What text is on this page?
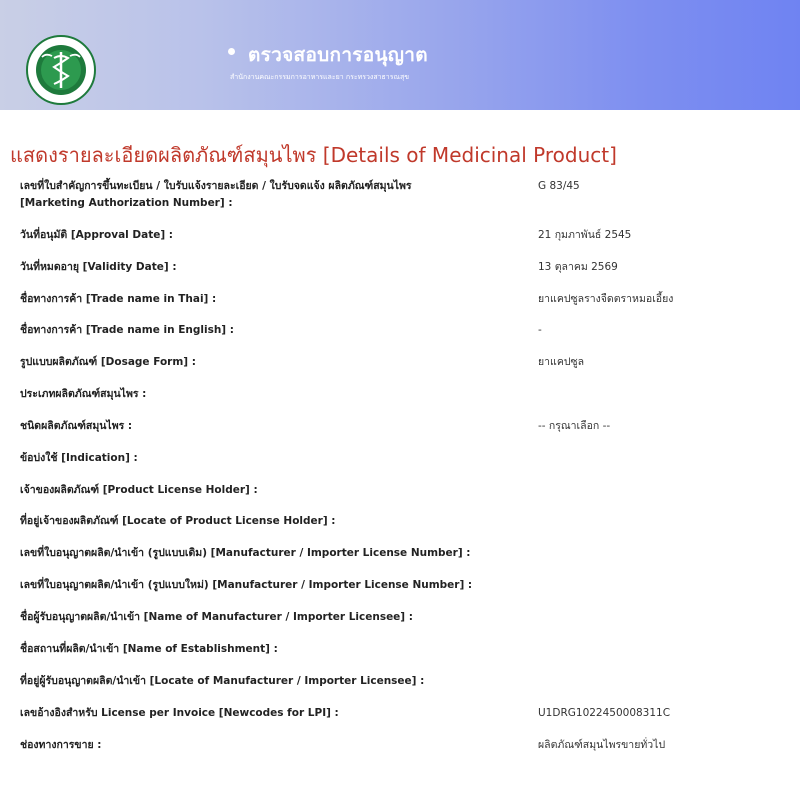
ตรวจสอบการอนุญาต
สำนักงานคณะกรรมการอาหารและยา กระทรวงสาธารณสุข
แสดงรายละเอียดผลิตภัณฑ์สมุนไพร [Details of Medicinal Product]
เลขที่ใบสำคัญการขึ้นทะเบียน / ใบรับแจ้งรายละเอียด / ใบรับจดแจ้ง ผลิตภัณฑ์สมุนไพร
[Marketing Authorization Number] :
G 83/45
วันที่อนุมัติ [Approval Date] :	21 กุมภาพันธ์ 2545
วันที่หมดอายุ [Validity Date] :	13 ตุลาคม 2569
ชื่อทางการค้า [Trade name in Thai] :	ยาแคปซูลรางจืดตราหมอเอี้ยง
ชื่อทางการค้า [Trade name in English] :	-
รูปแบบผลิตภัณฑ์ [Dosage Form] :	ยาแคปซูล
ประเภทผลิตภัณฑ์สมุนไพร :
ชนิดผลิตภัณฑ์สมุนไพร :	-- กรุณาเลือก --
ข้อบ่งใช้ [Indication] :
เจ้าของผลิตภัณฑ์ [Product License Holder] :
ที่อยู่เจ้าของผลิตภัณฑ์ [Locate of Product License Holder] :
เลขที่ใบอนุญาตผลิต/นำเข้า (รูปแบบเดิม) [Manufacturer / Importer License Number] :
เลขที่ใบอนุญาตผลิต/นำเข้า (รูปแบบใหม่) [Manufacturer / Importer License Number] :
ชื่อผู้รับอนุญาตผลิต/นำเข้า [Name of Manufacturer / Importer Licensee] :
ชื่อสถานที่ผลิต/นำเข้า [Name of Establishment] :
ที่อยู่ผู้รับอนุญาตผลิต/นำเข้า [Locate of Manufacturer / Importer Licensee] :
เลขอ้างอิงสำหรับ License per Invoice [Newcodes for LPI] :	U1DRG1022450008311C
ช่องทางการขาย :	ผลิตภัณฑ์สมุนไพรขายทั่วไป
